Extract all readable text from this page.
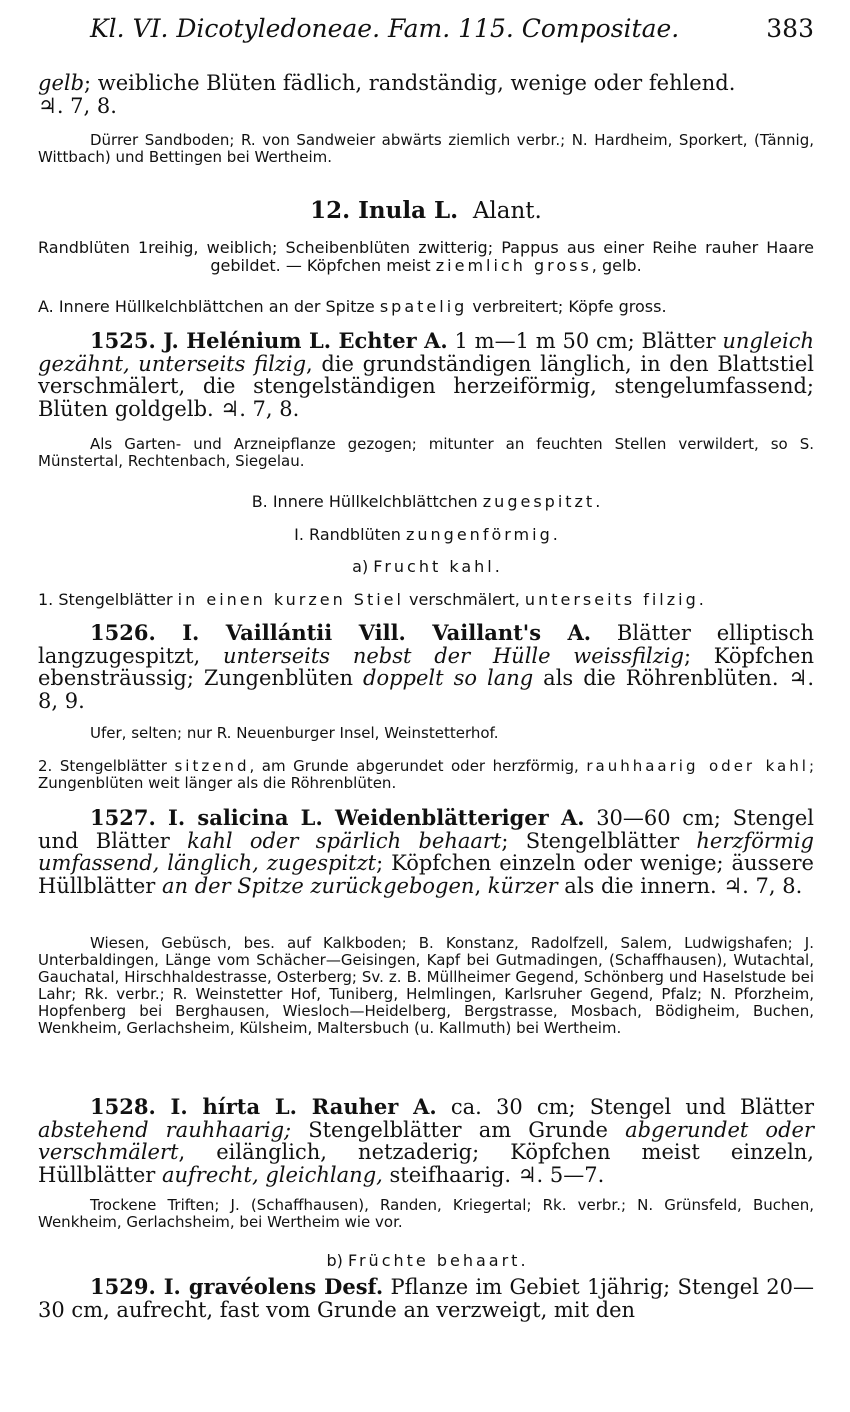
Kl. VI. Dicotyledoneae. Fam. 115. Compositae.	383
gelb; weibliche Blüten fädlich, randständig, wenige oder fehlend.
♃. 7, 8.
Dürrer Sandboden; R. von Sandweier abwärts ziemlich verbr.; N. Hardheim, Sporkert, (Tännig, Wittbach) und Bettingen bei Wertheim.
12. Inula L. Alant.
Randblüten 1reihig, weiblich; Scheibenblüten zwitterig; Pappus aus einer Reihe rauher Haare gebildet. — Köpfchen meist ziemlich gross, gelb.
A. Innere Hüllkelchblättchen an der Spitze spatelig verbreitert; Köpfe gross.
1525. J. Helénium L. Echter A. 1 m—1 m 50 cm; Blätter ungleich gezähnt, unterseits filzig, die grundständigen länglich, in den Blattstiel verschmälert, die stengelständigen herzeiförmig, stengelumfassend; Blüten goldgelb. ♃. 7, 8.
Als Garten- und Arzneipflanze gezogen; mitunter an feuchten Stellen verwildert, so S. Münstertal, Rechtenbach, Siegelau.
B. Innere Hüllkelchblättchen zugespitzt.
I. Randblüten zungenförmig.
a) Frucht kahl.
1. Stengelblätter in einen kurzen Stiel verschmälert, unterseits filzig.
1526. I. Vaillántii Vill. Vaillant's A. Blätter elliptisch langzugespitzt, unterseits nebst der Hülle weissfilzig; Köpfchen ebensträussig; Zungenblüten doppelt so lang als die Röhrenblüten. ♃. 8, 9.
Ufer, selten; nur R. Neuenburger Insel, Weinstetterhof.
2. Stengelblätter sitzend, am Grunde abgerundet oder herzförmig, rauhhaarig oder kahl; Zungenblüten weit länger als die Röhrenblüten.
1527. I. salicina L. Weidenblätteriger A. 30—60 cm; Stengel und Blätter kahl oder spärlich behaart; Stengelblätter herzförmig umfassend, länglich, zugespitzt; Köpfchen einzeln oder wenige; äussere Hüllblätter an der Spitze zurückgebogen, kürzer als die innern. ♃. 7, 8.
Wiesen, Gebüsch, bes. auf Kalkboden; B. Konstanz, Radolfzell, Salem, Ludwigshafen; J. Unterbaldingen, Länge vom Schächer—Geisingen, Kapf bei Gutmadingen, (Schaffhausen), Wutachtal, Gauchatal, Hirschhaldestrasse, Osterberg; Sv. z. B. Müllheimer Gegend, Schönberg und Haselstude bei Lahr; Rk. verbr.; R. Weinstetter Hof, Tuniberg, Helmlingen, Karlsruher Gegend, Pfalz; N. Pforzheim, Hopfenberg bei Berghausen, Wiesloch—Heidelberg, Bergstrasse, Mosbach, Bödigheim, Buchen, Wenkheim, Gerlachsheim, Külsheim, Maltersbuch (u. Kallmuth) bei Wertheim.
1528. I. hírta L. Rauher A. ca. 30 cm; Stengel und Blätter abstehend rauhhaarig; Stengelblätter am Grunde abgerundet oder verschmälert, eilänglich, netzaderig; Köpfchen meist einzeln, Hüllblätter aufrecht, gleichlang, steifhaarig. ♃. 5—7.
Trockene Triften; J. (Schaffhausen), Randen, Kriegertal; Rk. verbr.; N. Grünsfeld, Buchen, Wenkheim, Gerlachsheim, bei Wertheim wie vor.
b) Früchte behaart.
1529. I. gravéolens Desf. Pflanze im Gebiet 1jährig; Stengel 20—30 cm, aufrecht, fast vom Grunde an verzweigt, mit den
